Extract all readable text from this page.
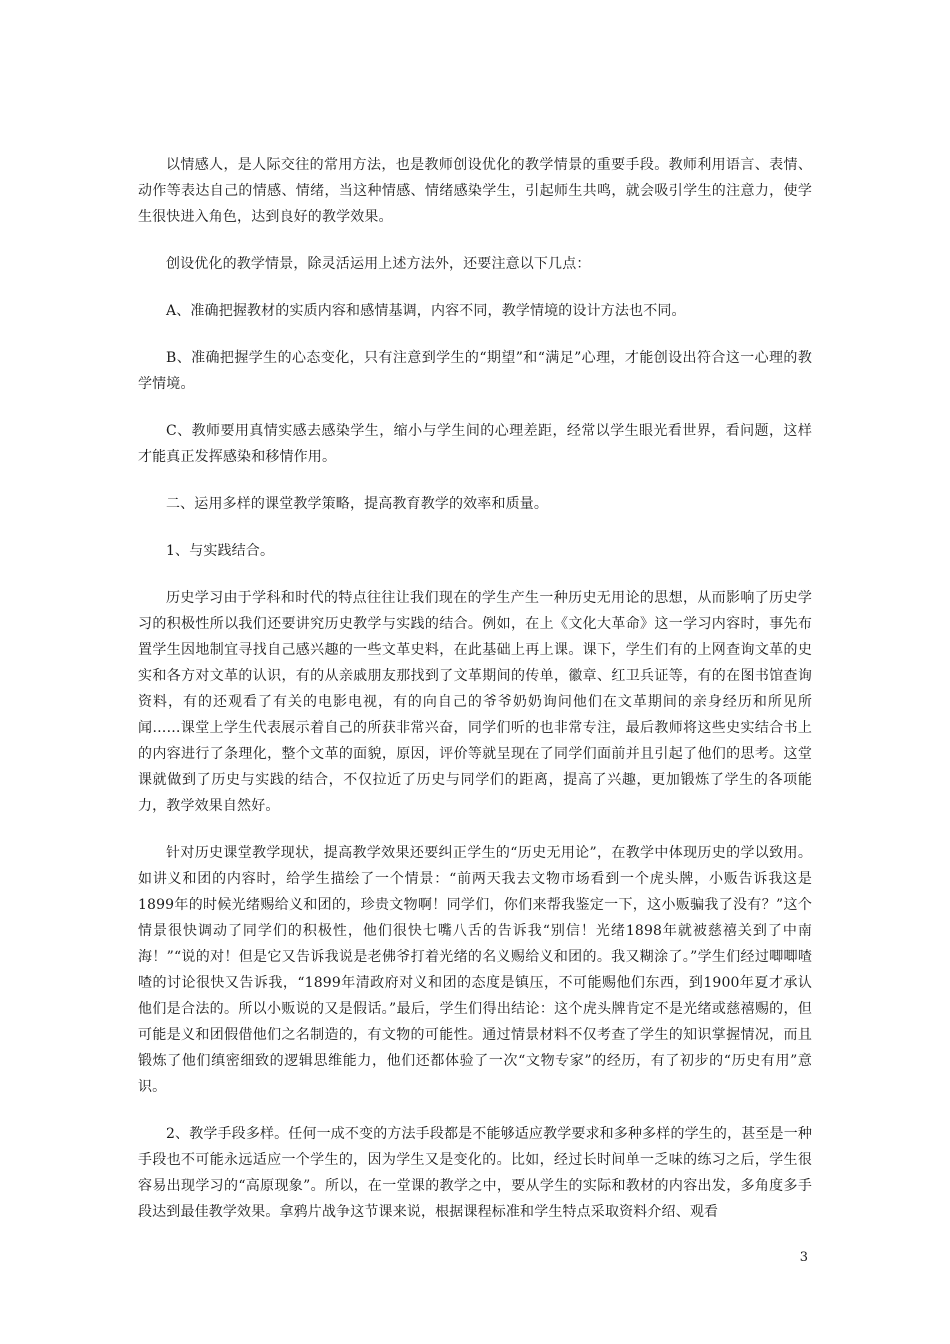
以情感人，是人际交往的常用方法，也是教师创设优化的教学情景的重要手段。教师利用语言、表情、动作等表达自己的情感、情绪，当这种情感、情绪感染学生，引起师生共鸣，就会吸引学生的注意力，使学生很快进入角色，达到良好的教学效果。

创设优化的教学情景，除灵活运用上述方法外，还要注意以下几点：

A、准确把握教材的实质内容和感情基调，内容不同，教学情境的设计方法也不同。

B、准确把握学生的心态变化，只有注意到学生的“期望”和“满足”心理，才能创设出符合这一心理的教学情境。

C、教师要用真情实感去感染学生，缩小与学生间的心理差距，经常以学生眼光看世界，看问题，这样才能真正发挥感染和移情作用。

二、运用多样的课堂教学策略，提高教育教学的效率和质量。

1、与实践结合。

历史学习由于学科和时代的特点往往让我们现在的学生产生一种历史无用论的思想，从而影响了历史学习的积极性所以我们还要讲究历史教学与实践的结合。例如，在上《文化大革命》这一学习内容时，事先布置学生因地制宜寻找自己感兴趣的一些文革史料，在此基础上再上课。课下，学生们有的上网查询文革的史实和各方对文革的认识，有的从亲戚朋友那找到了文革期间的传单，徽章、红卫兵证等，有的在图书馆查询资料，有的还观看了有关的电影电视，有的向自己的爷爷奶奶询问他们在文革期间的亲身经历和所见所闻……课堂上学生代表展示着自己的所获非常兴奋，同学们听的也非常专注，最后教师将这些史实结合书上的内容进行了条理化，整个文革的面貌，原因，评价等就呈现在了同学们面前并且引起了他们的思考。这堂课就做到了历史与实践的结合，不仅拉近了历史与同学们的距离，提高了兴趣，更加锻炼了学生的各项能力，教学效果自然好。

针对历史课堂教学现状，提高教学效果还要纠正学生的“历史无用论”，在教学中体现历史的学以致用。如讲义和团的内容时，给学生描绘了一个情景：“前两天我去文物市场看到一个虎头牌，小贩告诉我这是1899年的时候光绪赐给义和团的，珍贵文物啊！同学们，你们来帮我鉴定一下，这小贩骗我了没有？”这个情景很快调动了同学们的积极性，他们很快七嘴八舌的告诉我“别信！光绪1898年就被慈禧关到了中南海！”“说的对！但是它又告诉我说是老佛爷打着光绪的名义赐给义和团的。我又糊涂了。”学生们经过唧唧喳喳的讨论很快又告诉我，“1899年清政府对义和团的态度是镇压，不可能赐他们东西，到1900年夏才承认他们是合法的。所以小贩说的又是假话。”最后，学生们得出结论：这个虎头牌肯定不是光绪或慈禧赐的，但可能是义和团假借他们之名制造的，有文物的可能性。通过情景材料不仅考查了学生的知识掌握情况，而且锻炼了他们缜密细致的逻辑思维能力，他们还都体验了一次“文物专家”的经历，有了初步的“历史有用”意识。

2、教学手段多样。任何一成不变的方法手段都是不能够适应教学要求和多种多样的学生的，甚至是一种手段也不可能永远适应一个学生的，因为学生又是变化的。比如，经过长时间单一乏味的练习之后，学生很容易出现学习的“高原现象”。所以，在一堂课的教学之中，要从学生的实际和教材的内容出发，多角度多手段达到最佳教学效果。拿鸦片战争这节课来说，根据课程标准和学生特点采取资料介绍、观看

3
